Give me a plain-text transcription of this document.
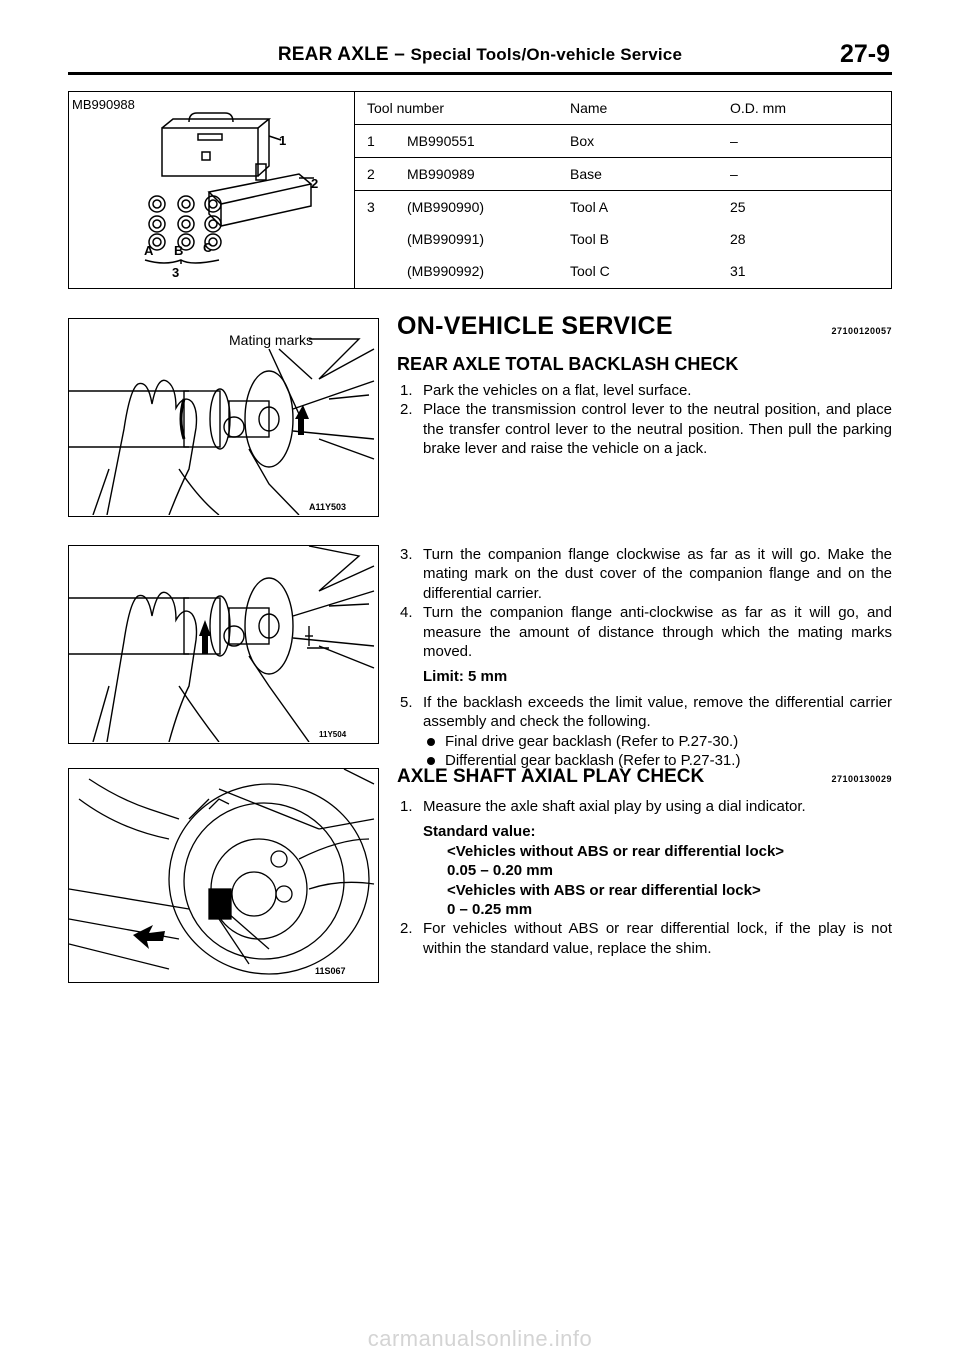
REAR AXLE – Special Tools/On-vehicle Service	27-9
MB990988
1
2
A B C
3
Tool number		Name	O.D. mm
1	MB990551	Box	–
2	MB990989	Base	–
3	(MB990990)	Tool A	25
	(MB990991)	Tool B	28
	(MB990992)	Tool C	31
Mating marks
A11Y503
11Y504
11S067
ON-VEHICLE SERVICE	27100120057
REAR AXLE TOTAL BACKLASH CHECK
1. Park the vehicles on a flat, level surface.
2. Place the transmission control lever to the neutral position, and place the transfer control lever to the neutral position. Then pull the parking brake lever and raise the vehicle on a jack.
3. Turn the companion flange clockwise as far as it will go. Make the mating mark on the dust cover of the companion flange and on the differential carrier.
4. Turn the companion flange anti-clockwise as far as it will go, and measure the amount of distance through which the mating marks moved.
Limit: 5 mm
5. If the backlash exceeds the limit value, remove the differential carrier assembly and check the following.
Final drive gear backlash (Refer to P.27-30.)
Differential gear backlash (Refer to P.27-31.)
AXLE SHAFT AXIAL PLAY CHECK	27100130029
1. Measure the axle shaft axial play by using a dial indicator.
Standard value:
<Vehicles without ABS or rear differential lock>
0.05 – 0.20 mm
<Vehicles with ABS or rear differential lock>
0 – 0.25 mm
2. For vehicles without ABS or rear differential lock, if the play is not within the standard value, replace the shim.
carmanualsonline.info
